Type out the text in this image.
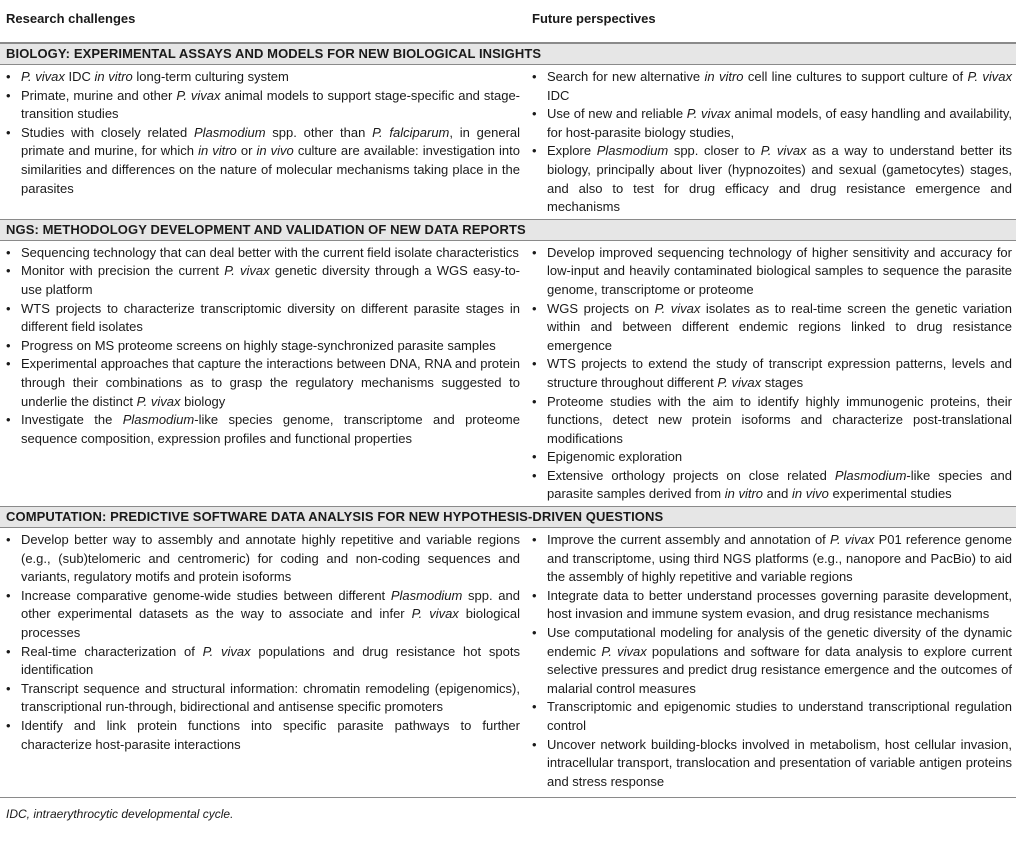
Research challenges	Future perspectives
BIOLOGY: EXPERIMENTAL ASSAYS AND MODELS FOR NEW BIOLOGICAL INSIGHTS
• P. vivax IDC in vitro long-term culturing system
• Primate, murine and other P. vivax animal models to support stage-specific and stage-transition studies
• Studies with closely related Plasmodium spp. other than P. falciparum, in general primate and murine, for which in vitro or in vivo culture are available: investigation into similarities and differences on the nature of molecular mechanisms taking place in the parasites
• Search for new alternative in vitro cell line cultures to support culture of P. vivax IDC
• Use of new and reliable P. vivax animal models, of easy handling and availability, for host-parasite biology studies,
• Explore Plasmodium spp. closer to P. vivax as a way to understand better its biology, principally about liver (hypnozoites) and sexual (gametocytes) stages, and also to test for drug efficacy and drug resistance emergence and mechanisms
NGS: METHODOLOGY DEVELOPMENT AND VALIDATION OF NEW DATA REPORTS
• Sequencing technology that can deal better with the current field isolate characteristics
• Monitor with precision the current P. vivax genetic diversity through a WGS easy-to-use platform
• WTS projects to characterize transcriptomic diversity on different parasite stages in different field isolates
• Progress on MS proteome screens on highly stage-synchronized parasite samples
• Experimental approaches that capture the interactions between DNA, RNA and protein through their combinations as to grasp the regulatory mechanisms suggested to underlie the distinct P. vivax biology
• Investigate the Plasmodium-like species genome, transcriptome and proteome sequence composition, expression profiles and functional properties
• Develop improved sequencing technology of higher sensitivity and accuracy for low-input and heavily contaminated biological samples to sequence the parasite genome, transcriptome or proteome
• WGS projects on P. vivax isolates as to real-time screen the genetic variation within and between different endemic regions linked to drug resistance emergence
• WTS projects to extend the study of transcript expression patterns, levels and structure throughout different P. vivax stages
• Proteome studies with the aim to identify highly immunogenic proteins, their functions, detect new protein isoforms and characterize post-translational modifications
• Epigenomic exploration
• Extensive orthology projects on close related Plasmodium-like species and parasite samples derived from in vitro and in vivo experimental studies
COMPUTATION: PREDICTIVE SOFTWARE DATA ANALYSIS FOR NEW HYPOTHESIS-DRIVEN QUESTIONS
• Develop better way to assembly and annotate highly repetitive and variable regions (e.g., (sub)telomeric and centromeric) for coding and non-coding sequences and variants, regulatory motifs and protein isoforms
• Increase comparative genome-wide studies between different Plasmodium spp. and other experimental datasets as the way to associate and infer P. vivax biological processes
• Real-time characterization of P. vivax populations and drug resistance hot spots identification
• Transcript sequence and structural information: chromatin remodeling (epigenomics), transcriptional run-through, bidirectional and antisense specific promoters
• Identify and link protein functions into specific parasite pathways to further characterize host-parasite interactions
• Improve the current assembly and annotation of P. vivax P01 reference genome and transcriptome, using third NGS platforms (e.g., nanopore and PacBio) to aid the assembly of highly repetitive and variable regions
• Integrate data to better understand processes governing parasite development, host invasion and immune system evasion, and drug resistance mechanisms
• Use computational modeling for analysis of the genetic diversity of the dynamic endemic P. vivax populations and software for data analysis to explore current selective pressures and predict drug resistance emergence and the outcomes of malarial control measures
• Transcriptomic and epigenomic studies to understand transcriptional regulation control
• Uncover network building-blocks involved in metabolism, host cellular invasion, intracellular transport, translocation and presentation of variable antigen proteins and stress response
IDC, intraerythrocytic developmental cycle.
